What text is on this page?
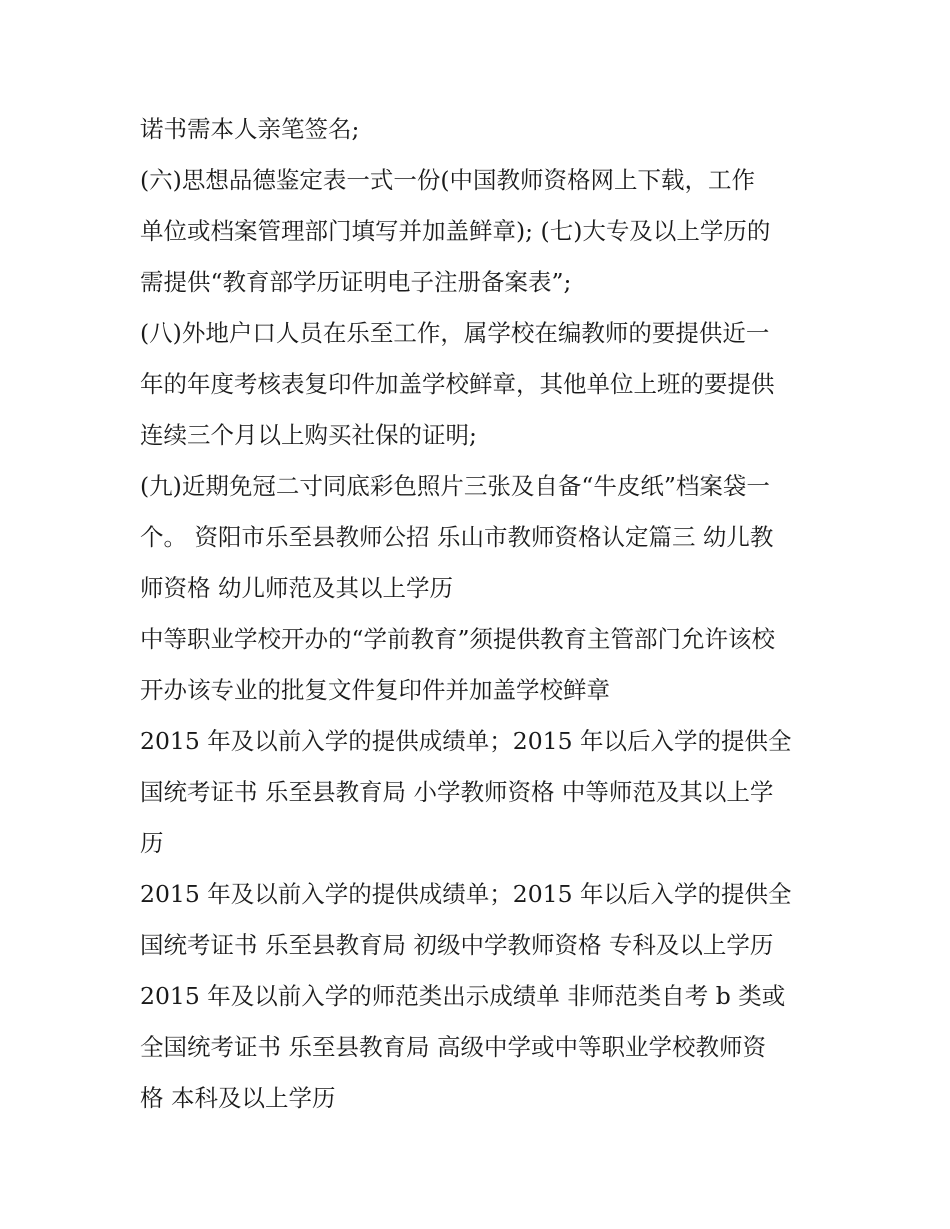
诺书需本人亲笔签名;
(六)思想品德鉴定表一式一份(中国教师资格网上下载，工作
单位或档案管理部门填写并加盖鲜章); (七)大专及以上学历的
需提供“教育部学历证明电子注册备案表”;
(八)外地户口人员在乐至工作，属学校在编教师的要提供近一
年的年度考核表复印件加盖学校鲜章，其他单位上班的要提供
连续三个月以上购买社保的证明;
(九)近期免冠二寸同底彩色照片三张及自备“牛皮纸”档案袋一
个。 资阳市乐至县教师公招 乐山市教师资格认定篇三 幼儿教
师资格 幼儿师范及其以上学历
中等职业学校开办的“学前教育”须提供教育主管部门允许该校
开办该专业的批复文件复印件并加盖学校鲜章
2015 年及以前入学的提供成绩单；2015 年以后入学的提供全
国统考证书 乐至县教育局 小学教师资格 中等师范及其以上学
历
2015 年及以前入学的提供成绩单；2015 年以后入学的提供全
国统考证书 乐至县教育局 初级中学教师资格 专科及以上学历
2015 年及以前入学的师范类出示成绩单 非师范类自考 b 类或
全国统考证书 乐至县教育局 高级中学或中等职业学校教师资
格 本科及以上学历
